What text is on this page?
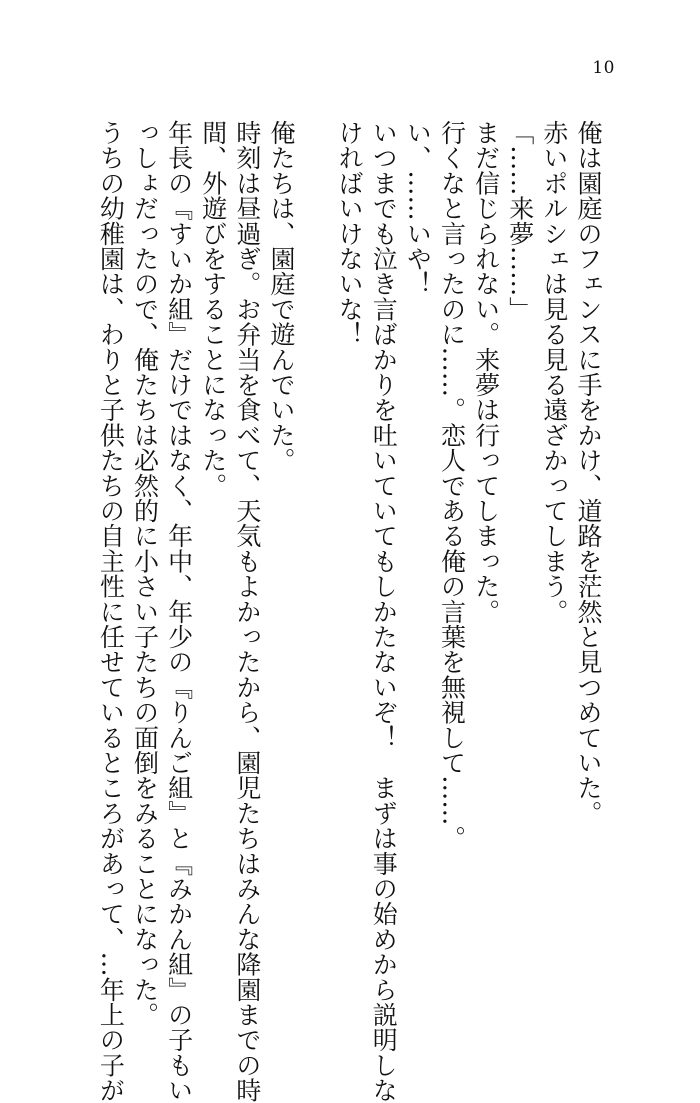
10
俺は園庭のフェンスに手をかけ、道路を茫然と見つめていた。
赤いポルシェは見る見る遠ざかってしまう。
「……来夢……」
まだ信じられない。来夢は行ってしまった。
行くなと言ったのに……。恋人である俺の言葉を無視して……。
い、……いや！
いつまでも泣き言ばかりを吐いていてもしかたないぞ！　まずは事の始めから説明しな
ければいけないな！
俺たちは、園庭で遊んでいた。
時刻は昼過ぎ。お弁当を食べて、天気もよかったから、園児たちはみんな降園までの時
間、外遊びをすることになった。
年長の『すいか組』だけではなく、年中、年少の『りんご組』と『みかん組』の子もい
っしょだったので、俺たちは必然的に小さい子たちの面倒をみることになった。
うちの幼稚園は、わりと子供たちの自主性に任せているところがあって、…年上の子が
